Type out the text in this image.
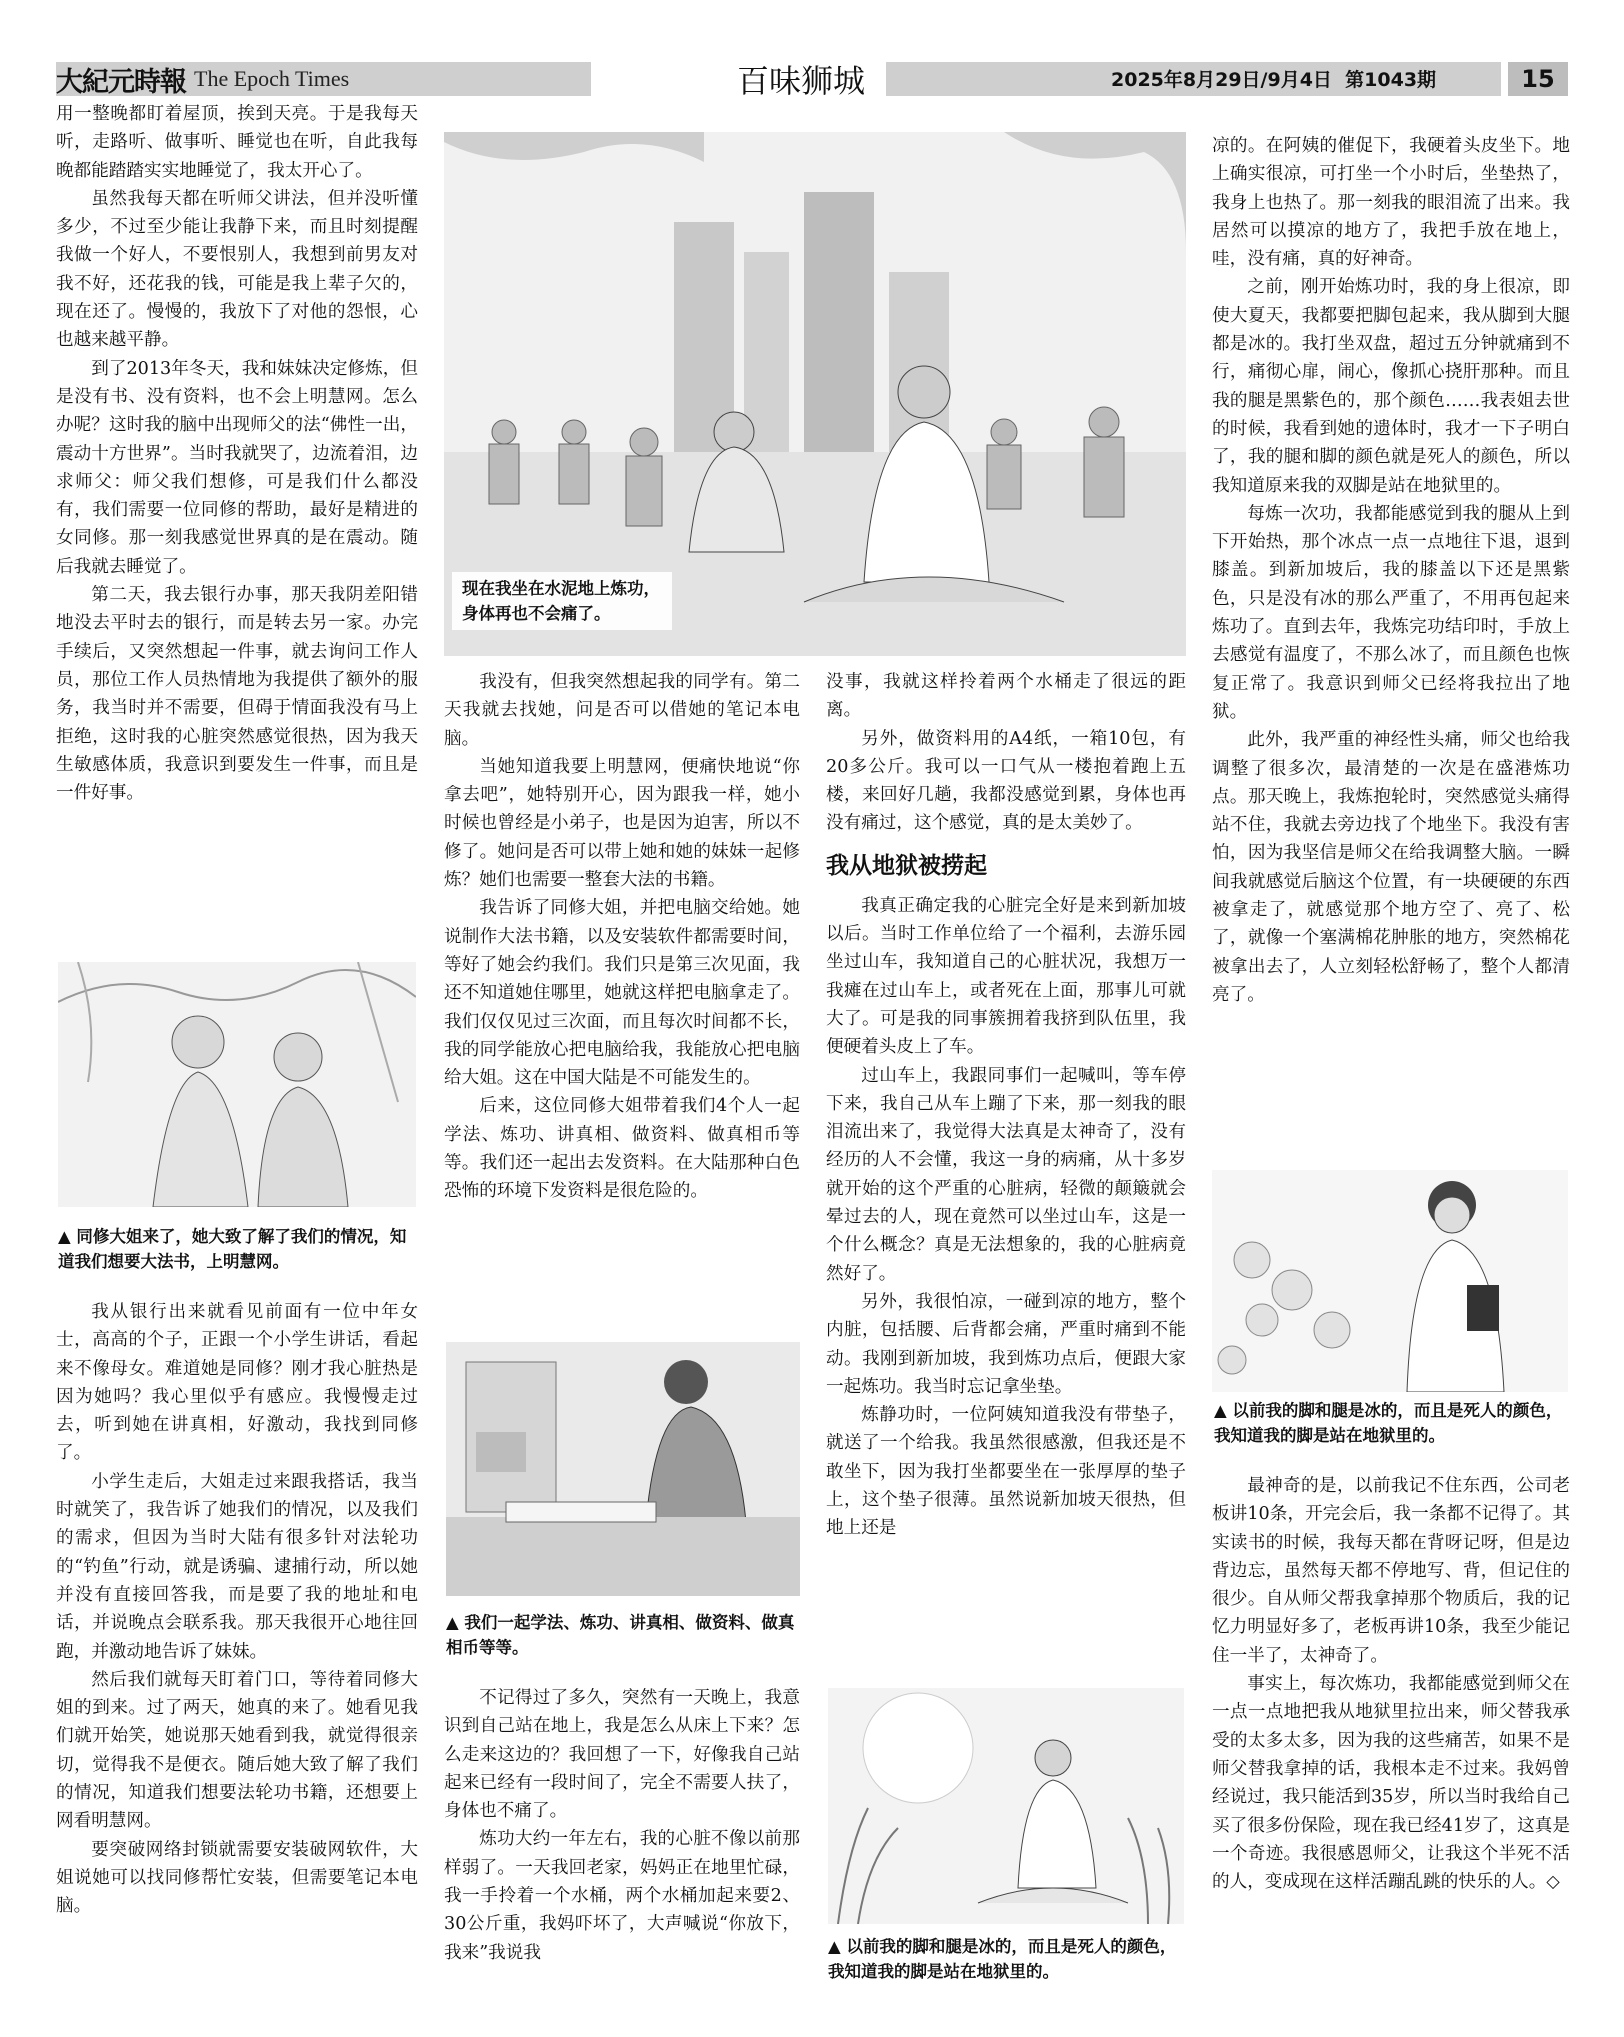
大紀元時報 The Epoch Times	百味狮城	2025年8月29日/9月4日 第1043期	15

用一整晚都盯着屋顶，挨到天亮。于是我每天听，走路听、做事听、睡觉也在听，自此我每晚都能踏踏实实地睡觉了，我太开心了。

虽然我每天都在听师父讲法，但并没听懂多少，不过至少能让我静下来，而且时刻提醒我做一个好人，不要恨别人，我想到前男友对我不好，还花我的钱，可能是我上辈子欠的，现在还了。慢慢的，我放下了对他的怨恨，心也越来越平静。

到了2013年冬天，我和妹妹决定修炼，但是没有书、没有资料，也不会上明慧网。怎么办呢？这时我的脑中出现师父的法“佛性一出，震动十方世界”。当时我就哭了，边流着泪，边求师父：师父我们想修，可是我们什么都没有，我们需要一位同修的帮助，最好是精进的女同修。那一刻我感觉世界真的是在震动。随后我就去睡觉了。

第二天，我去银行办事，那天我阴差阳错地没去平时去的银行，而是转去另一家。办完手续后，又突然想起一件事，就去询问工作人员，那位工作人员热情地为我提供了额外的服务，我当时并不需要，但碍于情面我没有马上拒绝，这时我的心脏突然感觉很热，因为我天生敏感体质，我意识到要发生一件事，而且是一件好事。

▲ 同修大姐来了，她大致了解了我们的情况，知道我们想要大法书，上明慧网。

我从银行出来就看见前面有一位中年女士，高高的个子，正跟一个小学生讲话，看起来不像母女。难道她是同修？刚才我心脏热是因为她吗？我心里似乎有感应。我慢慢走过去，听到她在讲真相，好激动，我找到同修了。

小学生走后，大姐走过来跟我搭话，我当时就笑了，我告诉了她我们的情况，以及我们的需求，但因为当时大陆有很多针对法轮功的“钓鱼”行动，就是诱骗、逮捕行动，所以她并没有直接回答我，而是要了我的地址和电话，并说晚点会联系我。那天我很开心地往回跑，并激动地告诉了妹妹。

然后我们就每天盯着门口，等待着同修大姐的到来。过了两天，她真的来了。她看见我们就开始笑，她说那天她看到我，就觉得很亲切，觉得我不是便衣。随后她大致了解了我们的情况，知道我们想要法轮功书籍，还想要上网看明慧网。

要突破网络封锁就需要安装破网软件，大姐说她可以找同修帮忙安装，但需要笔记本电脑。

现在我坐在水泥地上炼功，身体再也不会痛了。

我没有，但我突然想起我的同学有。第二天我就去找她，问是否可以借她的笔记本电脑。

当她知道我要上明慧网，便痛快地说“你拿去吧”，她特别开心，因为跟我一样，她小时候也曾经是小弟子，也是因为迫害，所以不修了。她问是否可以带上她和她的妹妹一起修炼？她们也需要一整套大法的书籍。

我告诉了同修大姐，并把电脑交给她。她说制作大法书籍，以及安装软件都需要时间，等好了她会约我们。我们只是第三次见面，我还不知道她住哪里，她就这样把电脑拿走了。我们仅仅见过三次面，而且每次时间都不长，我的同学能放心把电脑给我，我能放心把电脑给大姐。这在中国大陆是不可能发生的。

后来，这位同修大姐带着我们4个人一起学法、炼功、讲真相、做资料、做真相币等等。我们还一起出去发资料。在大陆那种白色恐怖的环境下发资料是很危险的。

▲ 我们一起学法、炼功、讲真相、做资料、做真相币等等。

不记得过了多久，突然有一天晚上，我意识到自己站在地上，我是怎么从床上下来？怎么走来这边的？我回想了一下，好像我自己站起来已经有一段时间了，完全不需要人扶了，身体也不痛了。

炼功大约一年左右，我的心脏不像以前那样弱了。一天我回老家，妈妈正在地里忙碌，我一手拎着一个水桶，两个水桶加起来要2、30公斤重，我妈吓坏了，大声喊说“你放下，我来”我说我

没事，我就这样拎着两个水桶走了很远的距离。

另外，做资料用的A4纸，一箱10包，有20多公斤。我可以一口气从一楼抱着跑上五楼，来回好几趟，我都没感觉到累，身体也再没有痛过，这个感觉，真的是太美妙了。

我从地狱被捞起

我真正确定我的心脏完全好是来到新加坡以后。当时工作单位给了一个福利，去游乐园坐过山车，我知道自己的心脏状况，我想万一我瘫在过山车上，或者死在上面，那事儿可就大了。可是我的同事簇拥着我挤到队伍里，我便硬着头皮上了车。

过山车上，我跟同事们一起喊叫，等车停下来，我自己从车上蹦了下来，那一刻我的眼泪流出来了，我觉得大法真是太神奇了，没有经历的人不会懂，我这一身的病痛，从十多岁就开始的这个严重的心脏病，轻微的颠簸就会晕过去的人，现在竟然可以坐过山车，这是一个什么概念？真是无法想象的，我的心脏病竟然好了。

另外，我很怕凉，一碰到凉的地方，整个内脏，包括腰、后背都会痛，严重时痛到不能动。我刚到新加坡，我到炼功点后，便跟大家一起炼功。我当时忘记拿坐垫。

炼静功时，一位阿姨知道我没有带垫子，就送了一个给我。我虽然很感激，但我还是不敢坐下，因为我打坐都要坐在一张厚厚的垫子上，这个垫子很薄。虽然说新加坡天很热，但地上还是

▲ 以前我的脚和腿是冰的，而且是死人的颜色，我知道我的脚是站在地狱里的。

凉的。在阿姨的催促下，我硬着头皮坐下。地上确实很凉，可打坐一个小时后，坐垫热了，我身上也热了。那一刻我的眼泪流了出来。我居然可以摸凉的地方了，我把手放在地上，哇，没有痛，真的好神奇。

之前，刚开始炼功时，我的身上很凉，即使大夏天，我都要把脚包起来，我从脚到大腿都是冰的。我打坐双盘，超过五分钟就痛到不行，痛彻心扉，闹心，像抓心挠肝那种。而且我的腿是黑紫色的，那个颜色……我表姐去世的时候，我看到她的遗体时，我才一下子明白了，我的腿和脚的颜色就是死人的颜色，所以我知道原来我的双脚是站在地狱里的。

每炼一次功，我都能感觉到我的腿从上到下开始热，那个冰点一点一点地往下退，退到膝盖。到新加坡后，我的膝盖以下还是黑紫色，只是没有冰的那么严重了，不用再包起来炼功了。直到去年，我炼完功结印时，手放上去感觉有温度了，不那么冰了，而且颜色也恢复正常了。我意识到师父已经将我拉出了地狱。

此外，我严重的神经性头痛，师父也给我调整了很多次，最清楚的一次是在盛港炼功点。那天晚上，我炼抱轮时，突然感觉头痛得站不住，我就去旁边找了个地坐下。我没有害怕，因为我坚信是师父在给我调整大脑。一瞬间我就感觉后脑这个位置，有一块硬硬的东西被拿走了，就感觉那个地方空了、亮了、松了，就像一个塞满棉花肿胀的地方，突然棉花被拿出去了，人立刻轻松舒畅了，整个人都清亮了。

▲ 以前我的脚和腿是冰的，而且是死人的颜色，我知道我的脚是站在地狱里的。

最神奇的是，以前我记不住东西，公司老板讲10条，开完会后，我一条都不记得了。其实读书的时候，我每天都在背呀记呀，但是边背边忘，虽然每天都不停地写、背，但记住的很少。自从师父帮我拿掉那个物质后，我的记忆力明显好多了，老板再讲10条，我至少能记住一半了，太神奇了。

事实上，每次炼功，我都能感觉到师父在一点一点地把我从地狱里拉出来，师父替我承受的太多太多，因为我的这些痛苦，如果不是师父替我拿掉的话，我根本走不过来。我妈曾经说过，我只能活到35岁，所以当时我给自己买了很多份保险，现在我已经41岁了，这真是一个奇迹。我很感恩师父，让我这个半死不活的人，变成现在这样活蹦乱跳的快乐的人。◇
